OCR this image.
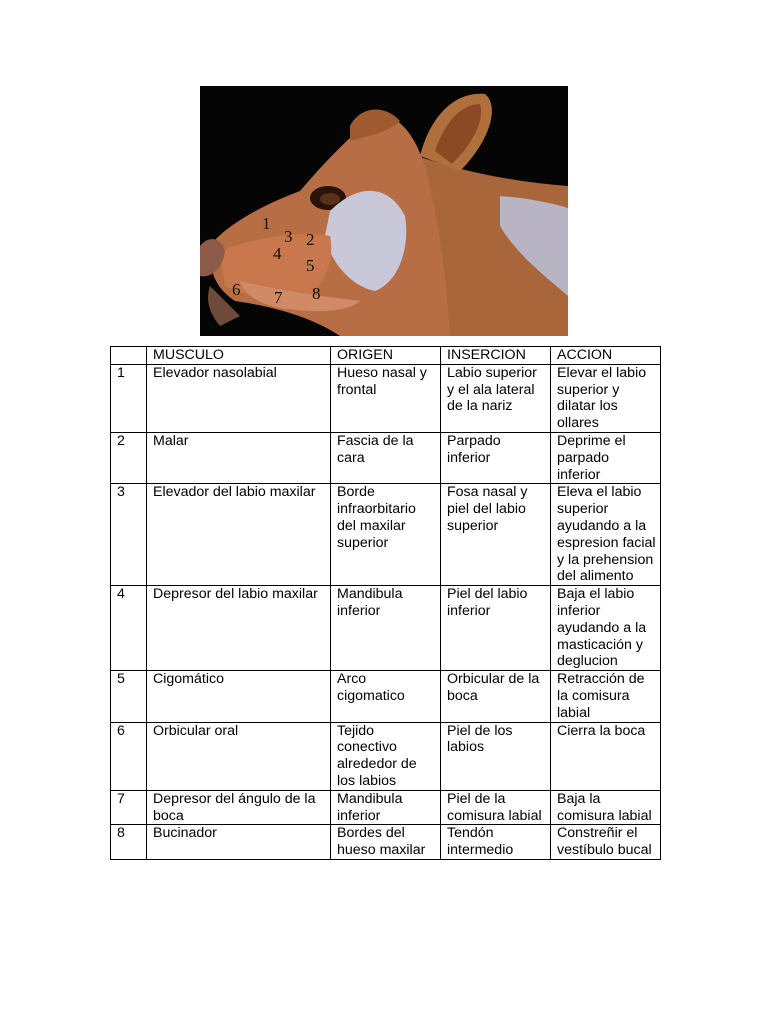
1
3 2
4
5
6 7 8
	MUSCULO	ORIGEN	INSERCION	ACCION
1	Elevador nasolabial	Hueso nasal y frontal	Labio superior y el ala lateral de la nariz	Elevar el labio superior y dilatar los ollares
2	Malar	Fascia de la cara	Parpado inferior	Deprime el parpado inferior
3	Elevador del labio maxilar	Borde infraorbitario del maxilar superior	Fosa nasal y piel del labio superior	Eleva el labio superior ayudando a la espresion facial y la prehension del alimento
4	Depresor del labio maxilar	Mandibula inferior	Piel del labio inferior	Baja el labio inferior ayudando a la masticación y deglucion
5	Cigomático	Arco cigomatico	Orbicular de la boca	Retracción de la comisura labial
6	Orbicular oral	Tejido conectivo alrededor de los labios	Piel de los labios	Cierra la boca
7	Depresor del ángulo de la boca	Mandibula inferior	Piel de la comisura labial	Baja la comisura labial
8	Bucinador	Bordes del hueso maxilar	Tendón intermedio	Constreñir el vestíbulo bucal
